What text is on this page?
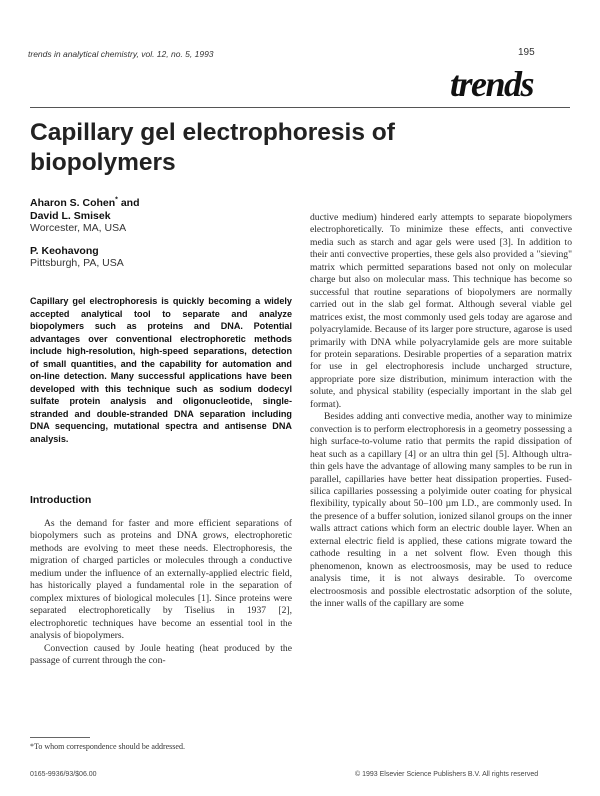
trends in analytical chemistry, vol. 12, no. 5, 1993	195
trends
Capillary gel electrophoresis of biopolymers
Aharon S. Cohen* and
David L. Smisek
Worcester, MA, USA
P. Keohavong
Pittsburgh, PA, USA
Capillary gel electrophoresis is quickly becoming a widely accepted analytical tool to separate and analyze biopolymers such as proteins and DNA. Potential advantages over conventional electrophoretic methods include high-resolution, high-speed separations, detection of small quantities, and the capability for automation and on-line detection. Many successful applications have been developed with this technique such as sodium dodecyl sulfate protein analysis and oligonucleotide, single-stranded and double-stranded DNA separation including DNA sequencing, mutational spectra and antisense DNA analysis.
Introduction

As the demand for faster and more efficient separations of biopolymers such as proteins and DNA grows, electrophoretic methods are evolving to meet these needs. Electrophoresis, the migration of charged particles or molecules through a conductive medium under the influence of an externally-applied electric field, has historically played a fundamental role in the separation of complex mixtures of biological molecules [1]. Since proteins were separated electrophoretically by Tiselius in 1937 [2], electrophoretic techniques have become an essential tool in the analysis of biopolymers.

Convection caused by Joule heating (heat produced by the passage of current through the con-

ductive medium) hindered early attempts to separate biopolymers electrophoretically. To minimize these effects, anti convective media such as starch and agar gels were used [3]. In addition to their anti convective properties, these gels also provided a "sieving" matrix which permitted separations based not only on molecular charge but also on molecular mass. This technique has become so successful that routine separations of biopolymers are normally carried out in the slab gel format. Although several viable gel matrices exist, the most commonly used gels today are agarose and polyacrylamide. Because of its larger pore structure, agarose is used primarily with DNA while polyacrylamide gels are more suitable for protein separations. Desirable properties of a separation matrix for use in gel electrophoresis include uncharged structure, appropriate pore size distribution, minimum interaction with the solute, and physical stability (especially important in the slab gel format).

Besides adding anti convective media, another way to minimize convection is to perform electrophoresis in a geometry possessing a high surface-to-volume ratio that permits the rapid dissipation of heat such as a capillary [4] or an ultra thin gel [5]. Although ultra-thin gels have the advantage of allowing many samples to be run in parallel, capillaries have better heat dissipation properties. Fused-silica capillaries possessing a polyimide outer coating for physical flexibility, typically about 50–100 µm I.D., are commonly used. In the presence of a buffer solution, ionized silanol groups on the inner walls attract cations which form an electric double layer. When an external electric field is applied, these cations migrate toward the cathode resulting in a net solvent flow. Even though this phenomenon, known as electroosmosis, may be used to reduce analysis time, it is not always desirable. To overcome electroosmosis and possible electrostatic adsorption of the solute, the inner walls of the capillary are some

*To whom correspondence should be addressed.
0165-9936/93/$06.00	© 1993 Elsevier Science Publishers B.V. All rights reserved
